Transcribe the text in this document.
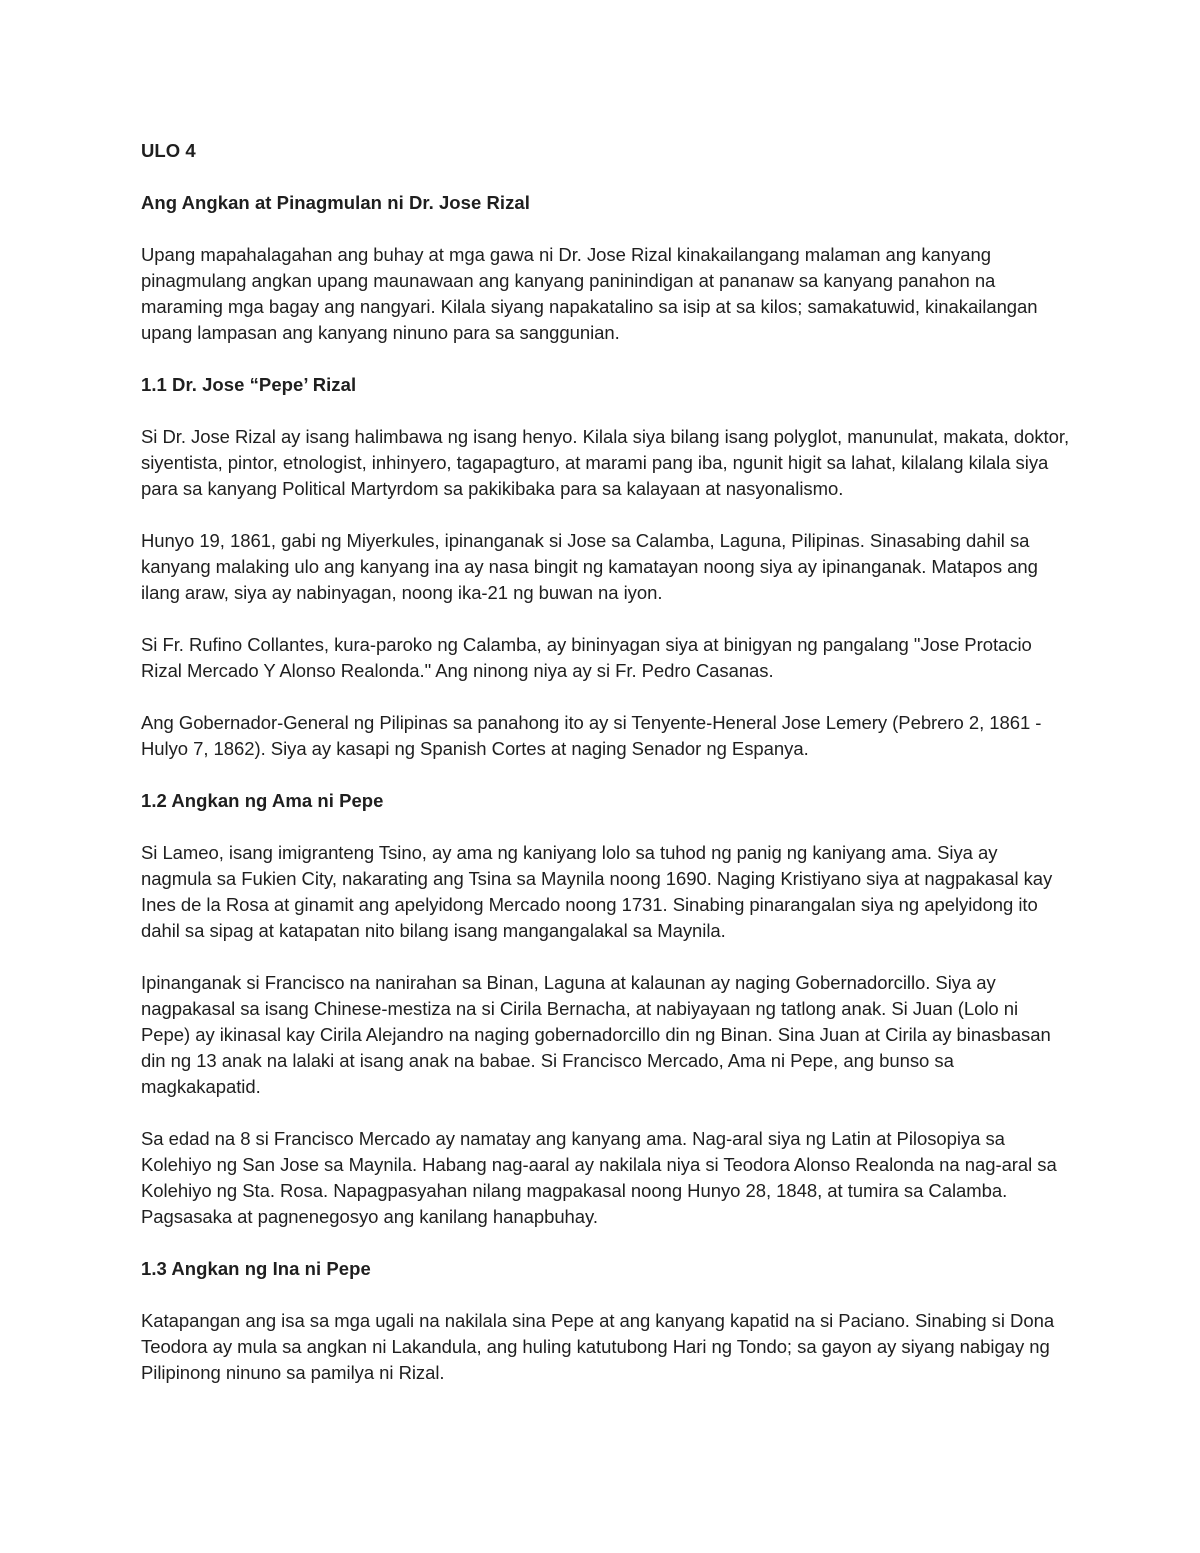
ULO 4
Ang Angkan at Pinagmulan ni Dr. Jose Rizal
Upang mapahalagahan ang buhay at mga gawa ni Dr. Jose Rizal kinakailangang malaman ang kanyang pinagmulang angkan upang maunawaan ang kanyang paninindigan at pananaw sa kanyang panahon na maraming mga bagay ang nangyari. Kilala siyang napakatalino sa isip at sa kilos; samakatuwid, kinakailangan upang lampasan ang kanyang ninuno para sa sanggunian.
1.1 Dr. Jose “Pepe’ Rizal
Si Dr. Jose Rizal ay isang halimbawa ng isang henyo. Kilala siya bilang isang polyglot, manunulat, makata, doktor, siyentista, pintor, etnologist, inhinyero, tagapagturo, at marami pang iba, ngunit higit sa lahat, kilalang kilala siya para sa kanyang Political Martyrdom sa pakikibaka para sa kalayaan at nasyonalismo.
Hunyo 19, 1861, gabi ng Miyerkules, ipinanganak si Jose sa Calamba, Laguna, Pilipinas. Sinasabing dahil sa kanyang malaking ulo ang kanyang ina ay nasa bingit ng kamatayan noong siya ay ipinanganak. Matapos ang ilang araw, siya ay nabinyagan, noong ika-21 ng buwan na iyon.
Si Fr. Rufino Collantes, kura-paroko ng Calamba, ay bininyagan siya at binigyan ng pangalang "Jose Protacio Rizal Mercado Y Alonso Realonda." Ang ninong niya ay si Fr. Pedro Casanas.
Ang Gobernador-General ng Pilipinas sa panahong ito ay si Tenyente-Heneral Jose Lemery (Pebrero 2, 1861 - Hulyo 7, 1862). Siya ay kasapi ng Spanish Cortes at naging Senador ng Espanya.
1.2 Angkan ng Ama ni Pepe
Si Lameo, isang imigranteng Tsino, ay ama ng kaniyang lolo sa tuhod ng panig ng kaniyang ama. Siya ay nagmula sa Fukien City, nakarating ang Tsina sa Maynila noong 1690. Naging Kristiyano siya at nagpakasal kay Ines de la Rosa at ginamit ang apelyidong Mercado noong 1731. Sinabing pinarangalan siya ng apelyidong ito dahil sa sipag at katapatan nito bilang isang mangangalakal sa Maynila.
Ipinanganak si Francisco na nanirahan sa Binan, Laguna at kalaunan ay naging Gobernadorcillo. Siya ay nagpakasal sa isang Chinese-mestiza na si Cirila Bernacha, at nabiyayaan ng tatlong anak. Si Juan (Lolo ni Pepe) ay ikinasal kay Cirila Alejandro na naging gobernadorcillo din ng Binan. Sina Juan at Cirila ay binasbasan din ng 13 anak na lalaki at isang anak na babae. Si Francisco Mercado, Ama ni Pepe, ang bunso sa magkakapatid.
Sa edad na 8 si Francisco Mercado ay namatay ang kanyang ama. Nag-aral siya ng Latin at Pilosopiya sa Kolehiyo ng San Jose sa Maynila. Habang nag-aaral ay nakilala niya si Teodora Alonso Realonda na nag-aral sa Kolehiyo ng Sta. Rosa. Napagpasyahan nilang magpakasal noong Hunyo 28, 1848, at tumira sa Calamba. Pagsasaka at pagnenegosyo ang kanilang hanapbuhay.
1.3 Angkan ng Ina ni Pepe
Katapangan ang isa sa mga ugali na nakilala sina Pepe at ang kanyang kapatid na si Paciano. Sinabing si Dona Teodora ay mula sa angkan ni Lakandula, ang huling katutubong Hari ng Tondo; sa gayon ay siyang nabigay ng Pilipinong ninuno sa pamilya ni Rizal.
